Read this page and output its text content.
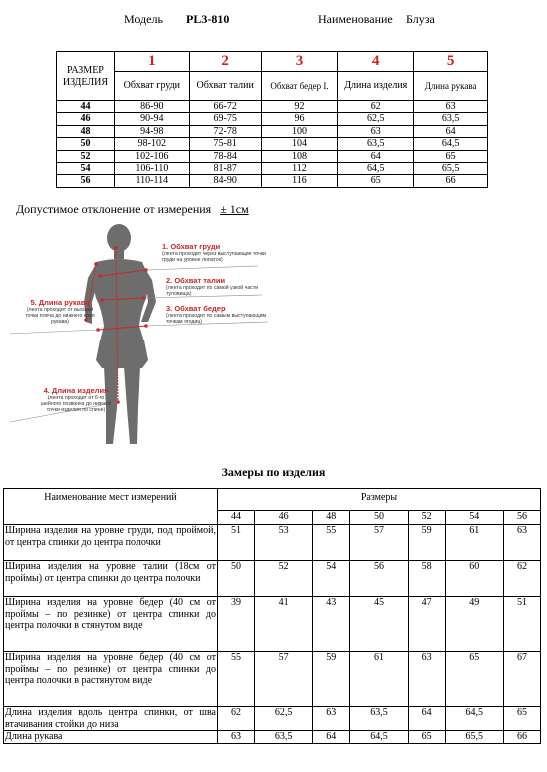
Модель PL3-810	Наименование Блуза
РАЗМЕР ИЗДЕЛИЯ	1	2	3	4	5
	Обхват груди	Обхват талии	Обхват бедер I.	Длина изделия	Длина рукава
44	86-90	66-72	92	62	63
46	90-94	69-75	96	62,5	63,5
48	94-98	72-78	100	63	64
50	98-102	75-81	104	63,5	64,5
52	102-106	78-84	108	64	65
54	106-110	81-87	112	64,5	65,5
56	110-114	84-90	116	65	66
Допустимое отклонение от измерения ± 1см
1. Обхват груди
(лента проходит через выступающие точки груди на уровне лопаток)
2. Обхват талии
(лента проходит по самой узкой части туловища)
3. Обхват бедер
(лента проходит по самым выступающим точкам ягодиц)
5. Длина рукава
(лента проходит от высшей точки плеча до нижнего края рукава)
4. Длина изделия
(лента проходит от 6-го шейного позвонка до нижней точки изделия по спине)
Замеры по изделия
Наименование мест измерений	Размеры						
	44	46	48	50	52	54	56
Ширина изделия на уровне груди, под проймой, от центра спинки до центра полочки	51	53	55	57	59	61	63
Ширина изделия на уровне талии (18см от проймы) от центра спинки до центра полочки	50	52	54	56	58	60	62
Ширина изделия на уровне бедер (40 см от проймы – по резинке) от центра спинки до центра полочки в стянутом виде	39	41	43	45	47	49	51
Ширина изделия на уровне бедер (40 см от проймы – по резинке) от центра спинки до центра полочки в растянутом виде	55	57	59	61	63	65	67
Длина изделия вдоль центра спинки, от шва втачивания стойки до низа	62	62,5	63	63,5	64	64,5	65
Длина рукава	63	63,5	64	64,5	65	65,5	66
